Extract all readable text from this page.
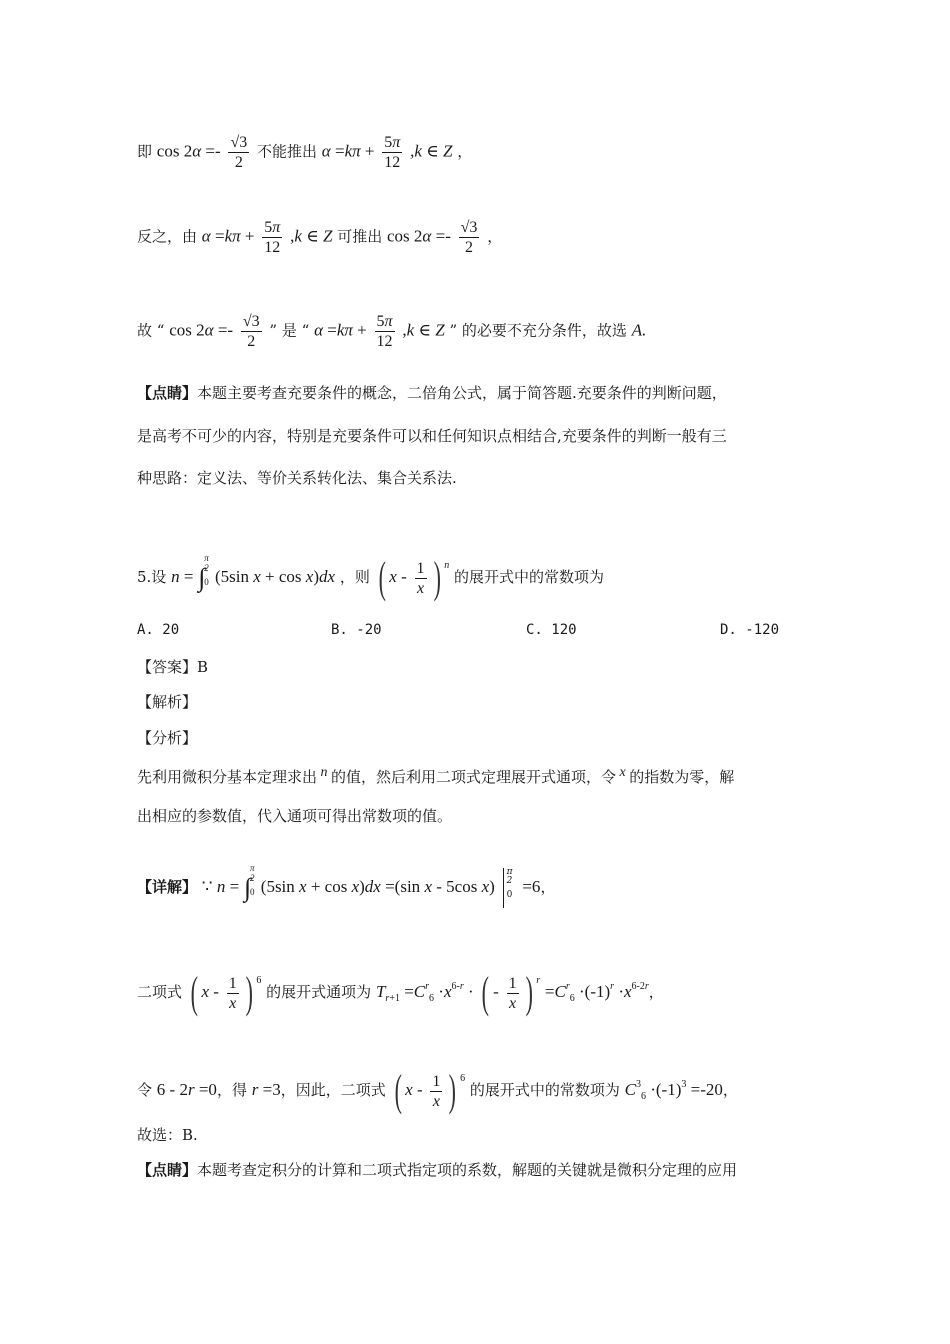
即 $\cos 2\alpha =- \frac{√3}{2}$ 不能推出 $\alpha =k\pi + \frac{5\pi}{12} ,k$ ∈ Z ，
反之，由 $\alpha =k\pi + \frac{5\pi}{12} ,k$ ∈ Z 可推出 $\cos 2\alpha =- \frac{√3}{2}$ ，
故 “ $\cos 2\alpha =- \frac{√3}{2}$ ” 是 “ $\alpha =k\pi + \frac{5\pi}{12} ,k$ ∈ Z ” 的必要不充分条件，故选 A.
【点睛】本题主要考查充要条件的概念，二倍角公式，属于简答题.充要条件的判断问题，
是高考不可少的内容，特别是充要条件可以和任何知识点相结合,充要条件的判断一般有三
种思路：定义法、等价关系转化法、集合关系法.
5.设 n = ∫
π
2
0 (5sin x + cos x)dx ，则 ( x - $\frac{1}{x}$ ) $^n$ 的展开式中的常数项为
A. 20	B. -20	C. 120	D. -120
【答案】B
【解析】
【分析】
先利用微积分基本定理求出 n 的值，然后利用二项式定理展开式通项，令 x 的指数为零，解
出相应的参数值，代入通项可得出常数项的值。
【详解】 ∵ n = ∫
π
2
0 (5sin x + cos x)dx =(sin x - 5cos x)
π
2
0 =6，
二项式 ( x - $\frac{1}{x}$ ) $^6$ 的展开式通项为 $T_{r+1} =C^r_6 \cdot x^{6-r}$ · ( - $\frac{1}{x}$ ) $^r =C^r_6 \cdot(-1)^r \cdot x^{6-2r}$，
令 6 - 2r =0，得 r =3，因此，二项式 ( x - $\frac{1}{x}$ ) $^6$ 的展开式中的常数项为 $C^3_6 \cdot(-1)^3 =-20$，
故选：B.
【点睛】本题考查定积分的计算和二项式指定项的系数，解题的关键就是微积分定理的应用
